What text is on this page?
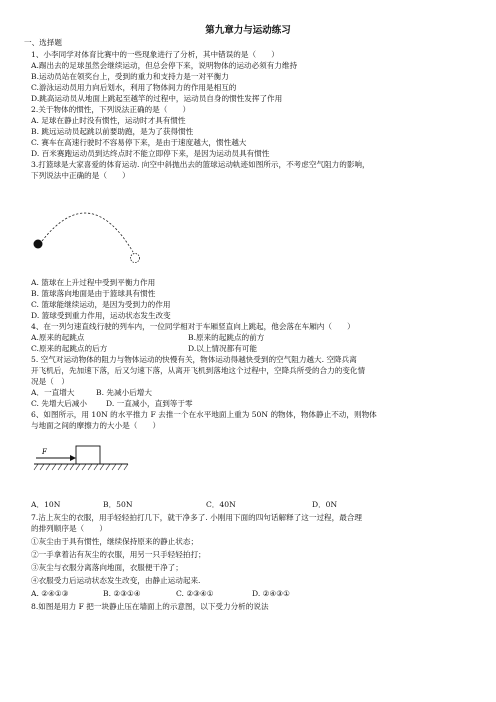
第九章力与运动练习
一、选择题
1、小李同学对体育比赛中的一些现象进行了分析，其中错误的是（　　）
A.踢出去的足球虽然会继续运动，但总会停下来，说明物体的运动必须有力维持
B.运动员站在领奖台上，受到的重力和支持力是一对平衡力
C.游泳运动员用力向后划水，利用了物体间力的作用是相互的
D.跳高运动员从地面上跳起至越竿的过程中，运动员自身的惯性发挥了作用
2.关于物体的惯性，下列说法正确的是（　　）
A. 足球在静止时没有惯性，运动时才具有惯性
B. 跳远运动员起跳以前要助跑，是为了获得惯性
C. 赛车在高速行驶时不容易停下来，是由于速度越大，惯性越大
D. 百米赛跑运动员到达终点时不能立即停下来，是因为运动员具有惯性
3.打篮球是大家喜爱的体育运动. 向空中斜抛出去的篮球运动轨迹如图所示，不考虑空气阻力的影响，
下列说法中正确的是（　　）
A. 篮球在上升过程中受到平衡力作用
B. 篮球落向地面是由于篮球具有惯性
C. 篮球能继续运动，是因为受到力的作用
D. 篮球受到重力作用，运动状态发生改变
4、在一列匀速直线行驶的列车内，一位同学相对于车厢竖直向上跳起，他会落在车厢内（　　）
A.原来的起跳点	B.原来的起跳点的前方
C.原来的起跳点的后方	D.以上情况都有可能
5. 空气对运动物体的阻力与物体运动的快慢有关，物体运动得越快受到的空气阻力越大. 空降兵离
开飞机后，先加速下落，后又匀速下落，从离开飞机到落地这个过程中，空降兵所受的合力的变化情
况是（　）
A．一直增大	B. 先减小后增大
C. 先增大后减小	D. 一直减小，直到等于零
6、如图所示，用 10N 的水平推力 F 去推一个在水平地面上重为 50N 的物体，物体静止不动，则物体
与地面之间的摩擦力的大小是（　　）
F
A．10N	B．50N	C．40N	D．0N
7.沾上灰尘的衣服，用手轻轻拍打几下，就干净多了. 小刚用下面的四句话解释了这一过程，最合理
的排列顺序是（　　）
①灰尘由于具有惯性，继续保持原来的静止状态；
②一手拿着沾有灰尘的衣服，用另一只手轻轻拍打；
③灰尘与衣服分离落向地面，衣服便干净了；
④衣服受力后运动状态发生改变，由静止运动起来.
A. ②④①③	B. ②③①④	C. ②③④①	D. ②④③①
8.如图是用力 F 把一块静止压在墙面上的示意图，以下受力分析的说法
